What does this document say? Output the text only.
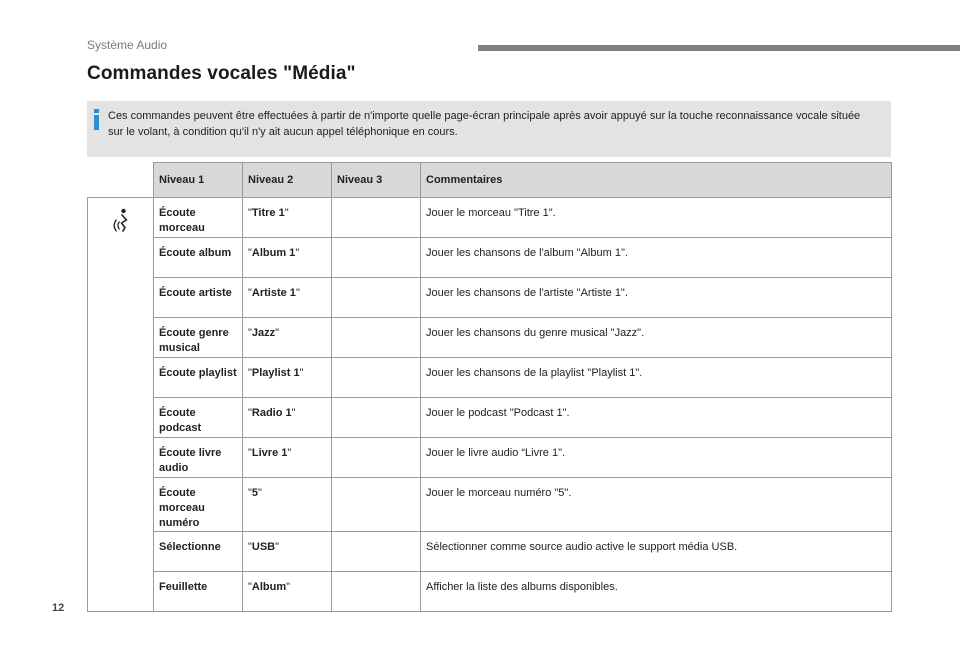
Système Audio
Commandes vocales "Média"
Ces commandes peuvent être effectuées à partir de n'importe quelle page-écran principale après avoir appuyé sur la touche reconnaissance vocale située sur le volant, à condition qu'il n'y ait aucun appel téléphonique en cours.
	Niveau 1	Niveau 2	Niveau 3	Commentaires

	Écoute morceau	"Titre 1"		Jouer le morceau "Titre 1".
	Écoute album	"Album 1"		Jouer les chansons de l'album "Album 1".
	Écoute artiste	"Artiste 1"		Jouer les chansons de l'artiste "Artiste 1".
	Écoute genre musical	"Jazz"		Jouer les chansons du genre musical "Jazz".
	Écoute playlist	"Playlist 1"		Jouer les chansons de la playlist "Playlist 1".
	Écoute podcast	"Radio 1"		Jouer le podcast "Podcast 1".
	Écoute livre audio	"Livre 1"		Jouer le livre audio “Livre 1".
	Écoute morceau numéro	"5"		Jouer le morceau numéro "5".
	Sélectionne	"USB"		Sélectionner comme source audio active le support média USB.
	Feuillette	"Album"		Afficher la liste des albums disponibles.
12
